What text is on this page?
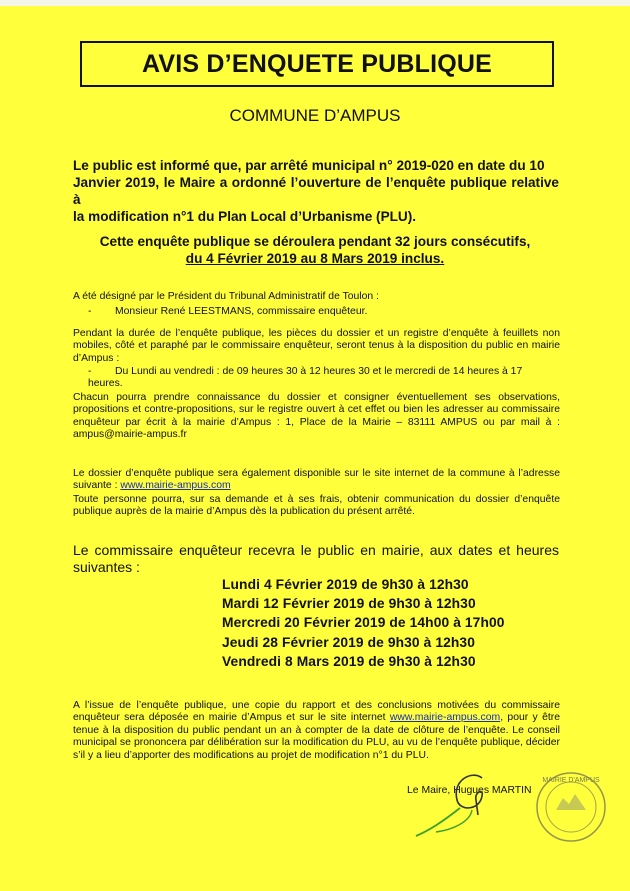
AVIS D’ENQUETE PUBLIQUE
COMMUNE D’AMPUS
Le public est informé que, par arrêté municipal n° 2019-020 en date du 10
Janvier 2019, le Maire a ordonné l’ouverture de l’enquête publique relative à
la modification n°1 du Plan Local d’Urbanisme (PLU).
Cette enquête publique se déroulera pendant 32 jours consécutifs,
du 4 Février 2019 au 8 Mars 2019 inclus.
A été désigné par le Président du Tribunal Administratif de Toulon :
- Monsieur René LEESTMANS, commissaire enquêteur.
Pendant la durée de l’enquête publique, les pièces du dossier et un registre d’enquête à feuillets non mobiles, côté et paraphé par le commissaire enquêteur, seront tenus à la disposition du public en mairie d’Ampus :
- Du Lundi au vendredi : de 09 heures 30 à 12 heures 30 et le mercredi de 14 heures à 17 heures.
Chacun pourra prendre connaissance du dossier et consigner éventuellement ses observations, propositions et contre-propositions, sur le registre ouvert à cet effet ou bien les adresser au commissaire enquêteur par écrit à la mairie d’Ampus : 1, Place de la Mairie – 83111 AMPUS ou par mail à : ampus@mairie-ampus.fr
Le dossier d’enquête publique sera également disponible sur le site internet de la commune à l’adresse suivante : www.mairie-ampus.com
Toute personne pourra, sur sa demande et à ses frais, obtenir communication du dossier d’enquête publique auprès de la mairie d’Ampus dès la publication du présent arrêté.
Le commissaire enquêteur recevra le public en mairie, aux dates et heures suivantes :
Lundi 4 Février 2019 de 9h30 à 12h30
Mardi 12 Février 2019 de 9h30 à 12h30
Mercredi 20 Février 2019 de 14h00 à 17h00
Jeudi 28 Février 2019 de 9h30 à 12h30
Vendredi 8 Mars 2019 de 9h30 à 12h30
A l’issue de l’enquête publique, une copie du rapport et des conclusions motivées du commissaire enquêteur sera déposée en mairie d’Ampus et sur le site internet www.mairie-ampus.com, pour y être tenue à la disposition du public pendant un an à compter de la date de clôture de l’enquête. Le conseil municipal se prononcera par délibération sur la modification du PLU, au vu de l’enquête publique, décider s’il y a lieu d’apporter des modifications au projet de modification n°1 du PLU.
Le Maire, Hugues MARTIN
MAIRIE D'AMPUS
